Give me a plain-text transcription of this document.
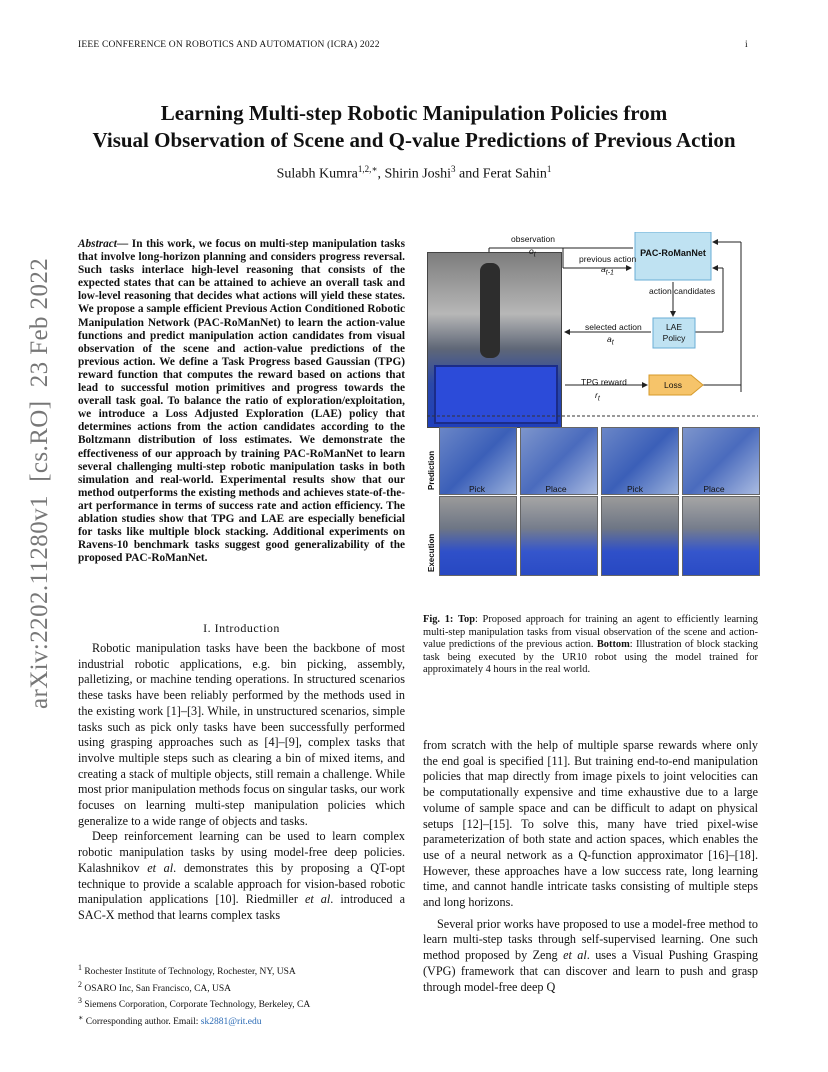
IEEE CONFERENCE ON ROBOTICS AND AUTOMATION (ICRA) 2022	i
Learning Multi-step Robotic Manipulation Policies from
Visual Observation of Scene and Q-value Predictions of Previous Action
Sulabh Kumra$^{1,2,∗}$, Shirin Joshi$^3$ and Ferat Sahin$^1$
arXiv:2202.11280v1  [cs.RO]  23 Feb 2022
Abstract— In this work, we focus on multi-step manipulation tasks that involve long-horizon planning and considers progress reversal. Such tasks interlace high-level reasoning that consists of the expected states that can be attained to achieve an overall task and low-level reasoning that decides what actions will yield these states. We propose a sample efficient Previous Action Conditioned Robotic Manipulation Network (PAC-RoManNet) to learn the action-value functions and predict manipulation action candidates from visual observation of the scene and action-value predictions of the previous action. We define a Task Progress based Gaussian (TPG) reward function that computes the reward based on actions that lead to successful motion primitives and progress towards the overall task goal. To balance the ratio of exploration/exploitation, we introduce a Loss Adjusted Exploration (LAE) policy that determines actions from the action candidates according to the Boltzmann distribution of loss estimates. We demonstrate the effectiveness of our approach by training PAC-RoManNet to learn several challenging multi-step robotic manipulation tasks in both simulation and real-world. Experimental results show that our method outperforms the existing methods and achieves state-of-the-art performance in terms of success rate and action efficiency. The ablation studies show that TPG and LAE are especially beneficial for tasks like multiple block stacking. Additional experiments on Ravens-10 benchmark tasks suggest good generalizability of the proposed PAC-RoManNet.
I. Introduction

Robotic manipulation tasks have been the backbone of most industrial robotic applications, e.g. bin picking, assembly, palletizing, or machine tending operations. In structured scenarios these tasks have been reliably performed by the methods used in the existing work [1]–[3]. While, in unstructured scenarios, simple tasks such as pick only tasks have been successfully performed using grasping approaches such as [4]–[9], complex tasks that involve multiple steps such as clearing a bin of mixed items, and creating a stack of multiple objects, still remain a challenge. While most prior manipulation methods focus on singular tasks, our work focuses on learning multi-step manipulation policies which generalize to a wide range of objects and tasks.

Deep reinforcement learning can be used to learn complex robotic manipulation tasks by using model-free deep policies. Kalashnikov et al. demonstrates this by proposing a QT-opt technique to provide a scalable approach for vision-based robotic manipulation applications [10]. Riedmiller et al. introduced a SAC-X method that learns complex tasks

$^1$ Rochester Institute of Technology, Rochester, NY, USA
$^2$ OSARO Inc, San Francisco, CA, USA
$^3$ Siemens Corporation, Corporate Technology, Berkeley, CA
∗ Corresponding author. Email: sk2881@rit.edu
observation
$o_t$	previous action
$a_{t-1}$
PAC-RoManNet
action candidates
selected action
$a_t$
LAE
Policy
TPG reward
$r_t$
Loss
Prediction	Pick	Place	Pick	Place
Execution
Fig. 1: Top: Proposed approach for training an agent to efficiently learning multi-step manipulation tasks from visual observation of the scene and action-value predictions of the previous action. Bottom: Illustration of block stacking task being executed by the UR10 robot using the model trained for approximately 4 hours in the real world.

from scratch with the help of multiple sparse rewards where only the end goal is specified [11]. But training end-to-end manipulation policies that map directly from image pixels to joint velocities can be computationally expensive and time exhaustive due to a large volume of sample space and can be difficult to adapt on physical setups [12]–[15]. To solve this, many have tried pixel-wise parameterization of both state and action spaces, which enables the use of a neural network as a Q-function approximator [16]–[18]. However, these approaches have a low success rate, long learning time, and cannot handle intricate tasks consisting of multiple steps and long horizons.

Several prior works have proposed to use a model-free method to learn multi-step tasks through self-supervised learning. One such method proposed by Zeng et al. uses a Visual Pushing Grasping (VPG) framework that can discover and learn to push and grasp through model-free deep Q
